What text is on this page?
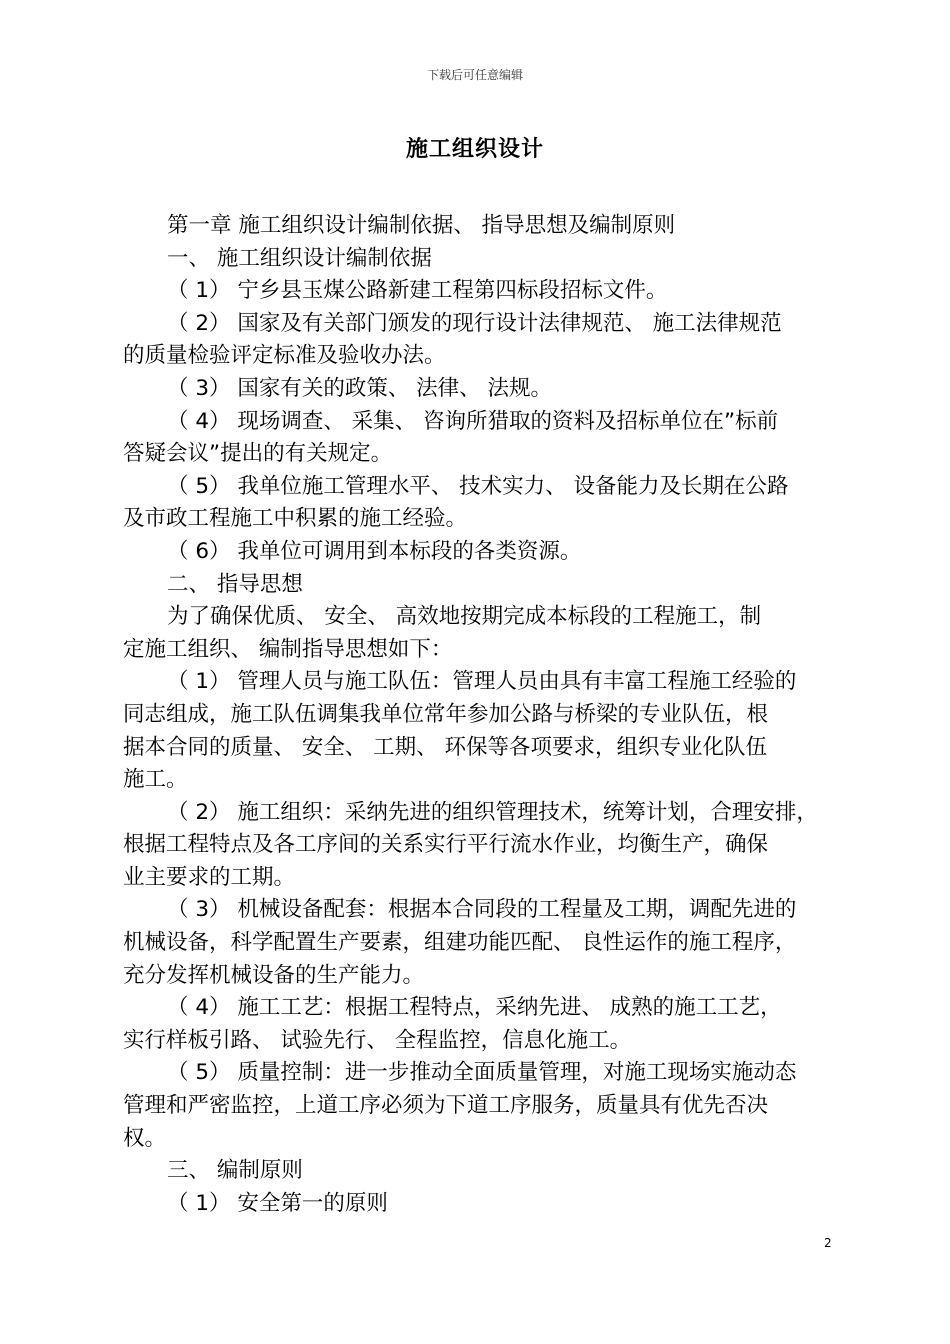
下载后可任意编辑
施工组织设计
第一章 施工组织设计编制依据、 指导思想及编制原则
一、 施工组织设计编制依据
（ 1） 宁乡县玉煤公路新建工程第四标段招标文件。
（ 2） 国家及有关部门颁发的现行设计法律规范、 施工法律规范
的质量检验评定标准及验收办法。
（ 3） 国家有关的政策、 法律、 法规。
（ 4） 现场调查、 采集、 咨询所猎取的资料及招标单位在”标前
答疑会议”提出的有关规定。
（ 5） 我单位施工管理水平、 技术实力、 设备能力及长期在公路
及市政工程施工中积累的施工经验。
（ 6） 我单位可调用到本标段的各类资源。
二、 指导思想
为了确保优质、 安全、 高效地按期完成本标段的工程施工，制
定施工组织、 编制指导思想如下：
（ 1） 管理人员与施工队伍：管理人员由具有丰富工程施工经验的
同志组成，施工队伍调集我单位常年参加公路与桥梁的专业队伍，根
据本合同的质量、 安全、 工期、 环保等各项要求，组织专业化队伍
施工。
（ 2） 施工组织：采纳先进的组织管理技术，统筹计划，合理安排，
根据工程特点及各工序间的关系实行平行流水作业，均衡生产，确保
业主要求的工期。
（ 3） 机械设备配套：根据本合同段的工程量及工期，调配先进的
机械设备，科学配置生产要素，组建功能匹配、 良性运作的施工程序，
充分发挥机械设备的生产能力。
（ 4） 施工工艺：根据工程特点，采纳先进、 成熟的施工工艺，
实行样板引路、 试验先行、 全程监控，信息化施工。
（ 5） 质量控制：进一步推动全面质量管理，对施工现场实施动态
管理和严密监控，上道工序必须为下道工序服务，质量具有优先否决
权。
三、 编制原则
（ 1） 安全第一的原则
2
